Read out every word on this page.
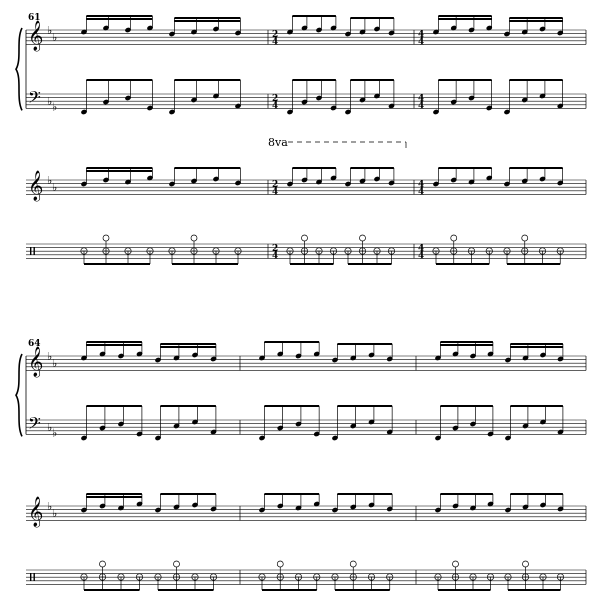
𝄞
𝄢
𝄞
♭
♭
♭ ♭
♭
♭
61
2
4
2
4
2
4
2
4
4
4
4
4
4
4
4
4
8va
𝄞
𝄢
𝄞
♭
♭
♭ ♭
♭
♭
64
